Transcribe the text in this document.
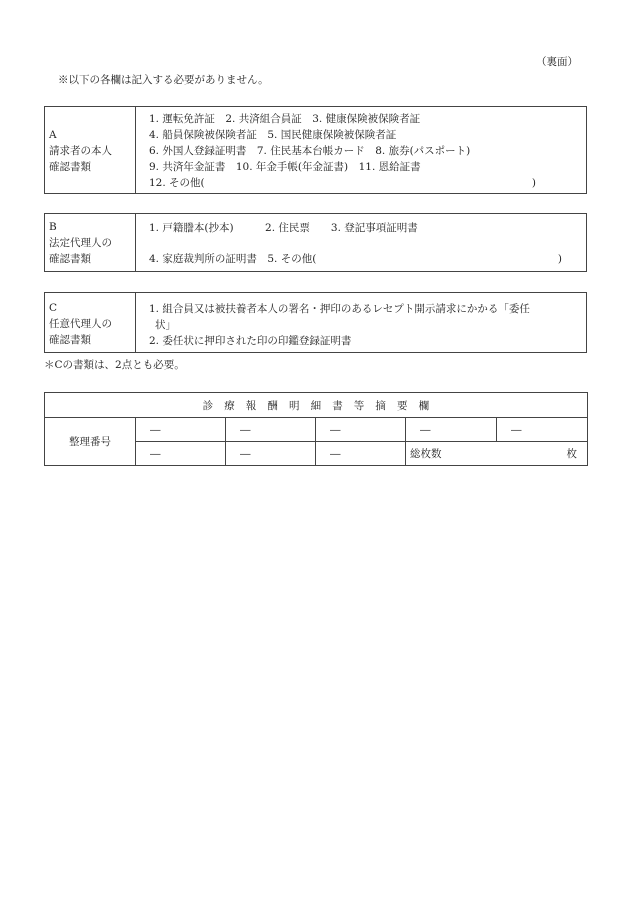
（裏面）
※以下の各欄は記入する必要がありません。
A
請求者の本人
確認書類
1. 運転免許証　2. 共済組合員証　3. 健康保険被保険者証
4. 船員保険被保険者証　5. 国民健康保険被保険者証
6. 外国人登録証明書　7. 住民基本台帳カード　8. 旅券(パスポート)
9. 共済年金証書　10. 年金手帳(年金証書)　11. 恩給証書
12. その他(	)
B
法定代理人の
確認書類
1. 戸籍謄本(抄本)　　　2. 住民票　　3. 登記事項証明書
4. 家庭裁判所の証明書　5. その他(	)
C
任意代理人の
確認書類
1. 組合員又は被扶養者本人の署名・押印のあるレセプト開示請求にかかる「委任
状」
2. 委任状に押印された印の印鑑登録証明書
＊Cの書類は、2点とも必要。
診　療　報　酬　明　細　書　等　摘　要　欄					
整理番号	―	―	―	―	―
	―	―	―	総枚数 枚	
